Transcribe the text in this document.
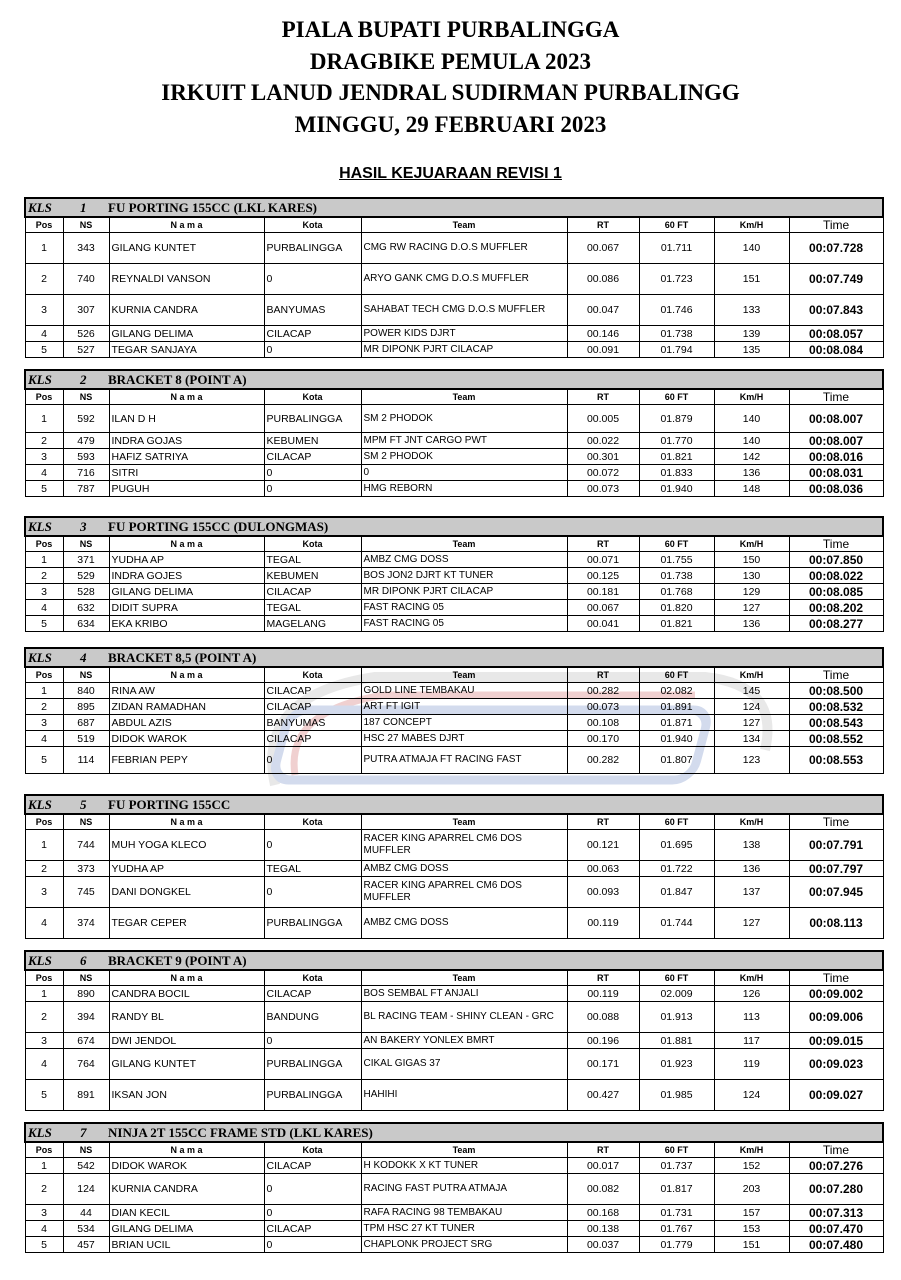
PIALA BUPATI PURBALINGGA
DRAGBIKE PEMULA 2023
IRKUIT LANUD JENDRAL SUDIRMAN PURBALINGG
MINGGU, 29 FEBRUARI 2023
HASIL KEJUARAAN REVISI 1
KLS 1 FU PORTING 155CC (LKL KARES)								
Pos	NS	N a m a	Kota	Team	RT	60 FT	Km/H	Time
1	343	GILANG KUNTET	PURBALINGGA	CMG RW RACING D.O.S MUFFLER	00.067	01.711	140	00:07.728
2	740	REYNALDI VANSON	0	ARYO GANK CMG D.O.S MUFFLER	00.086	01.723	151	00:07.749
3	307	KURNIA CANDRA	BANYUMAS	SAHABAT TECH CMG D.O.S MUFFLER	00.047	01.746	133	00:07.843
4	526	GILANG DELIMA	CILACAP	POWER KIDS DJRT	00.146	01.738	139	00:08.057
5	527	TEGAR SANJAYA	0	MR DIPONK PJRT CILACAP	00.091	01.794	135	00:08.084
KLS 2 BRACKET 8 (POINT A)								
Pos	NS	N a m a	Kota	Team	RT	60 FT	Km/H	Time
1	592	ILAN D H	PURBALINGGA	SM 2 PHODOK	00.005	01.879	140	00:08.007
2	479	INDRA GOJAS	KEBUMEN	MPM FT JNT CARGO PWT	00.022	01.770	140	00:08.007
3	593	HAFIZ SATRIYA	CILACAP	SM 2 PHODOK	00.301	01.821	142	00:08.016
4	716	SITRI	0	0	00.072	01.833	136	00:08.031
5	787	PUGUH	0	HMG REBORN	00.073	01.940	148	00:08.036
KLS 3 FU PORTING 155CC (DULONGMAS)								
Pos	NS	N a m a	Kota	Team	RT	60 FT	Km/H	Time
1	371	YUDHA AP	TEGAL	AMBZ CMG DOSS	00.071	01.755	150	00:07.850
2	529	INDRA GOJES	KEBUMEN	BOS JON2 DJRT KT TUNER	00.125	01.738	130	00:08.022
3	528	GILANG DELIMA	CILACAP	MR DIPONK PJRT CILACAP	00.181	01.768	129	00:08.085
4	632	DIDIT SUPRA	TEGAL	FAST RACING 05	00.067	01.820	127	00:08.202
5	634	EKA KRIBO	MAGELANG	FAST RACING 05	00.041	01.821	136	00:08.277
KLS 4 BRACKET 8,5 (POINT A)								
Pos	NS	N a m a	Kota	Team	RT	60 FT	Km/H	Time
1	840	RINA AW	CILACAP	GOLD LINE TEMBAKAU	00.282	02.082	145	00:08.500
2	895	ZIDAN RAMADHAN	CILACAP	ART FT IGIT	00.073	01.891	124	00:08.532
3	687	ABDUL AZIS	BANYUMAS	187 CONCEPT	00.108	01.871	127	00:08.543
4	519	DIDOK WAROK	CILACAP	HSC 27 MABES DJRT	00.170	01.940	134	00:08.552
5	114	FEBRIAN PEPY	0	PUTRA ATMAJA FT RACING FAST	00.282	01.807	123	00:08.553
KLS 5 FU PORTING 155CC								
Pos	NS	N a m a	Kota	Team	RT	60 FT	Km/H	Time
1	744	MUH YOGA KLECO	0	RACER KING APARREL CM6 DOS MUFFLER	00.121	01.695	138	00:07.791
2	373	YUDHA AP	TEGAL	AMBZ CMG DOSS	00.063	01.722	136	00:07.797
3	745	DANI DONGKEL	0	RACER KING APARREL CM6 DOS MUFFLER	00.093	01.847	137	00:07.945
4	374	TEGAR CEPER	PURBALINGGA	AMBZ CMG DOSS	00.119	01.744	127	00:08.113
KLS 6 BRACKET 9 (POINT A)								
Pos	NS	N a m a	Kota	Team	RT	60 FT	Km/H	Time
1	890	CANDRA BOCIL	CILACAP	BOS SEMBAL FT ANJALI	00.119	02.009	126	00:09.002
2	394	RANDY BL	BANDUNG	BL RACING TEAM - SHINY CLEAN - GRC	00.088	01.913	113	00:09.006
3	674	DWI JENDOL	0	AN BAKERY YONLEX BMRT	00.196	01.881	117	00:09.015
4	764	GILANG KUNTET	PURBALINGGA	CIKAL GIGAS 37	00.171	01.923	119	00:09.023
5	891	IKSAN JON	PURBALINGGA	HAHIHI	00.427	01.985	124	00:09.027
KLS 7 NINJA 2T 155CC FRAME STD (LKL KARES)								
Pos	NS	N a m a	Kota	Team	RT	60 FT	Km/H	Time
1	542	DIDOK WAROK	CILACAP	H KODOKK X KT TUNER	00.017	01.737	152	00:07.276
2	124	KURNIA CANDRA	0	RACING FAST PUTRA ATMAJA	00.082	01.817	203	00:07.280
3	44	DIAN KECIL	0	RAFA RACING 98 TEMBAKAU	00.168	01.731	157	00:07.313
4	534	GILANG DELIMA	CILACAP	TPM HSC 27 KT TUNER	00.138	01.767	153	00:07.470
5	457	BRIAN UCIL	0	CHAPLONK PROJECT SRG	00.037	01.779	151	00:07.480
